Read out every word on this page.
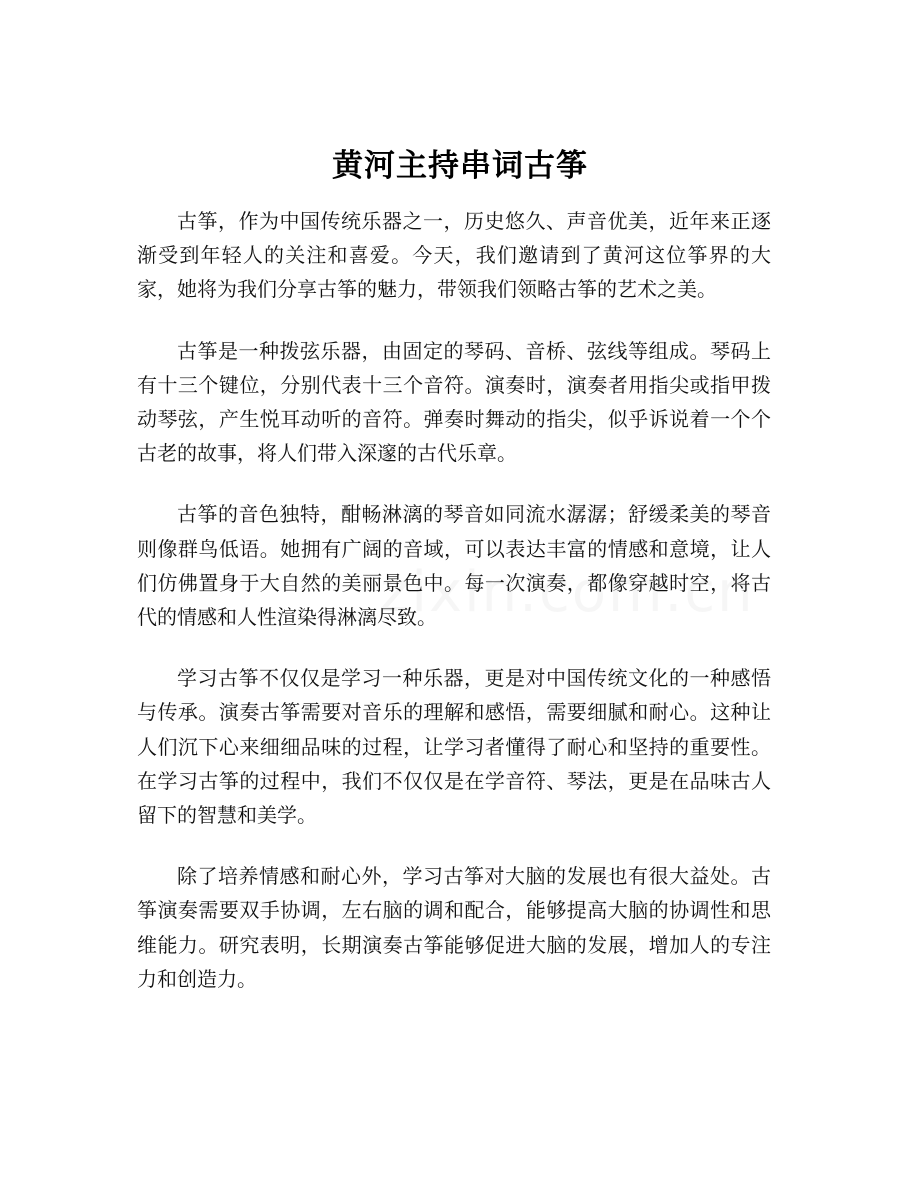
黄河主持串词古筝

古筝，作为中国传统乐器之一，历史悠久、声音优美，近年来正逐渐受到年轻人的关注和喜爱。今天，我们邀请到了黄河这位筝界的大家，她将为我们分享古筝的魅力，带领我们领略古筝的艺术之美。

古筝是一种拨弦乐器，由固定的琴码、音桥、弦线等组成。琴码上有十三个键位，分别代表十三个音符。演奏时，演奏者用指尖或指甲拨动琴弦，产生悦耳动听的音符。弹奏时舞动的指尖，似乎诉说着一个个古老的故事，将人们带入深邃的古代乐章。

古筝的音色独特，酣畅淋漓的琴音如同流水潺潺；舒缓柔美的琴音则像群鸟低语。她拥有广阔的音域，可以表达丰富的情感和意境，让人们仿佛置身于大自然的美丽景色中。每一次演奏，都像穿越时空，将古代的情感和人性渲染得淋漓尽致。

学习古筝不仅仅是学习一种乐器，更是对中国传统文化的一种感悟与传承。演奏古筝需要对音乐的理解和感悟，需要细腻和耐心。这种让人们沉下心来细细品味的过程，让学习者懂得了耐心和坚持的重要性。在学习古筝的过程中，我们不仅仅是在学音符、琴法，更是在品味古人留下的智慧和美学。

除了培养情感和耐心外，学习古筝对大脑的发展也有很大益处。古筝演奏需要双手协调，左右脑的调和配合，能够提高大脑的协调性和思维能力。研究表明，长期演奏古筝能够促进大脑的发展，增加人的专注力和创造力。
